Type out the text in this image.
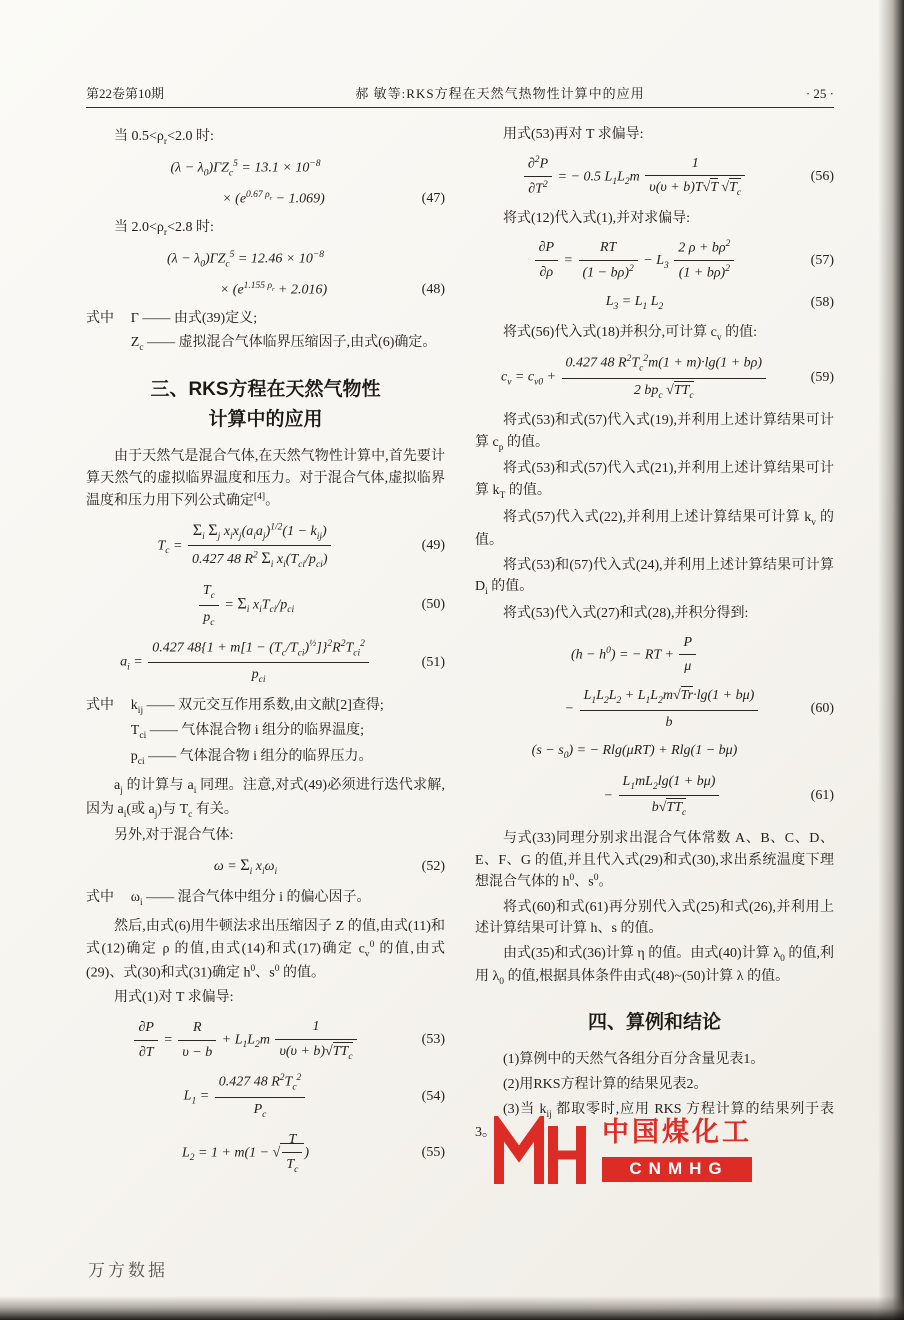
第22卷第10期	郝 敏等:RKS方程在天然气热物性计算中的应用	· 25 ·

当 $0.5<\rho_r<2.0$ 时:

$(\lambda - \lambda_0)\Gamma Z_c^5 = 13.1 \times 10^{-8}$
× $(e^{0.67 \rho_r} - 1.069)$	(47)

当 $2.0<\rho_r<2.8$ 时:

$(\lambda - \lambda_0)\Gamma Z_c^5 = 12.46 \times 10^{-8}$
× $(e^{1.155 \rho_r} + 2.016)$	(48)
式中	Γ —— 由式(39)定义;

$Z_c$ —— 虚拟混合气体临界压缩因子,由式(6)确定。

三、RKS方程在天然气物性
计算中的应用

由于天然气是混合气体,在天然气物性计算中,首先要计算天然气的虚拟临界温度和压力。对于混合气体,虚拟临界温度和压力用下列公式确定[4]。

$T_c = \frac{\Sigma_i \Sigma_j x_ix_j(a_ia_j)^{1/2}(1 - k_{ij})}{0.427 48 R^2 \Sigma_i x_i(T_{ci}/p_{ci})}$	(49)
$\frac{T_c}{p_c} = \Sigma_i$ $x_iT_{ci}/p_{ci}$	(50)
$a_i = \frac{0.427 48\{1 + m[1 - (T_c/T_{ci})^{\frac{1}{2}}]\}^2R^2T_{ci}^2}{p_{ci}}$	(51)
式中	$k_{ij}$ —— 双元交互作用系数,由文献[2]查得;

$T_{ci}$ —— 气体混合物 i 组分的临界温度;

$p_{ci}$ —— 气体混合物 i 组分的临界压力。

$a_j$ 的计算与 $a_i$ 同理。注意,对式(49)必须进行迭代求解,因为 $a_i$(或 $a_j$)与 $T_c$ 有关。

另外,对于混合气体:

$\omega = \Sigma_i$ $x_i\omega_i$	(52)
式中	$\omega_i$ —— 混合气体中组分 i 的偏心因子。

然后,由式(6)用牛顿法求出压缩因子 Z 的值,由式(11)和式(12)确定 ρ 的值,由式(14)和式(17)确定 $c_v^0$ 的值,由式(29)、式(30)和式(31)确定 $h^0$、$s^0$ 的值。

用式(1)对 T 求偏导:

$\frac{\partial P}{\partial T} = \frac{R}{\upsilon - b} + L_1L_2m \frac{1}{\upsilon(\upsilon + b)√TT_c}$	(53)
$L_1 = \frac{0.427 48 R^2T_c^2}{P_c}$	(54)
$L_2 = 1 + m(1$ − √ $\frac{T}{T_c}$ )	(55)

用式(53)再对 T 求偏导:

$\frac{\partial^2P}{\partial T^2}$ = − 0.5 $L_1L_2m \frac{1}{\upsilon(\upsilon + b)T√T √T_c}$	(56)

将式(12)代入式(1),并对求偏导:

$\frac{\partial P}{\partial\rho} = \frac{RT}{(1 - b\rho)^2} - L_3 \frac{2 \rho + b\rho^2}{(1 + b\rho)^2}$	(57)
$L_3 = L_1$ $L_2$	(58)

将式(56)代入式(18)并积分,可计算 $c_v$ 的值:

$c_v = c_{v0} + \frac{0.427 48 R^2T_c^2m(1 + m)\cdot\lg(1 + b\rho)}{2 bp_c √TT_c}$	(59)

将式(53)和式(57)代入式(19),并利用上述计算结果可计算 $c_p$ 的值。

将式(53)和式(57)代入式(21),并利用上述计算结果可计算 $k_T$ 的值。

将式(57)代入式(22),并利用上述计算结果可计算 $k_v$ 的值。

将式(53)和(57)代入式(24),并利用上述计算结果可计算 $D_i$ 的值。

将式(53)代入式(27)和式(28),并积分得到:

$(h - h^0)$ = − RT + $\frac{P}{\mu}$
− $\frac{L_1L_2L_2 + L_1L_2m√Tr\cdot\lg(1 + b\mu)}{b}$	(60)
$(s - s_0)$ = − Rlg(μRT) + Rlg(1 − bμ)
− $\frac{L_1mL_2\lg(1 + b\mu)}{b√TT_c}$	(61)

与式(33)同理分别求出混合气体常数 A、B、C、D、E、F、G 的值,并且代入式(29)和式(30),求出系统温度下理想混合气体的 $h^0$、$s^0$。

将式(60)和式(61)再分别代入式(25)和式(26),并利用上述计算结果可计算 h、s 的值。

由式(35)和式(36)计算 η 的值。由式(40)计算 $\lambda_0$ 的值,利用 $\lambda_0$ 的值,根据具体条件由式(48)~(50)计算 λ 的值。

四、算例和结论

(1)算例中的天然气各组分百分含量见表1。

(2)用RKS方程计算的结果见表2。

(3)当 $k_{ij}$ 都取零时,应用 RKS 方程计算的结果列于表3。	中国煤化工
CNMHG
万方数据
